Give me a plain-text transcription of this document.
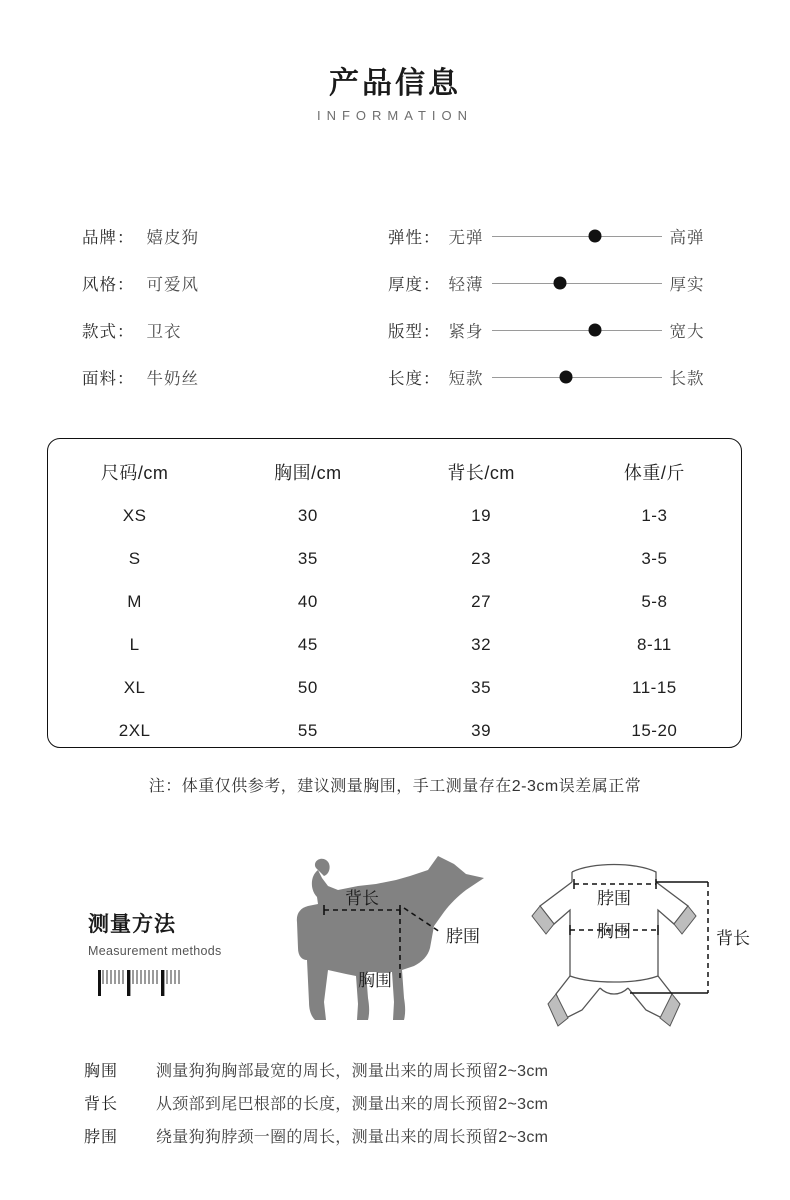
产品信息
INFORMATION
品牌： 嬉皮狗
风格： 可爱风
款式： 卫衣
面料： 牛奶丝
弹性： 无弹	高弹
厚度： 轻薄	厚实
版型： 紧身	宽大
长度： 短款	长款
尺码/cm	胸围/cm	背长/cm	体重/斤
XS	30	19	1-3
S	35	23	3-5
M	40	27	5-8
L	45	32	8-11
XL	50	35	11-15
2XL	55	39	15-20
注：体重仅供参考，建议测量胸围，手工测量存在2-3cm误差属正常
测量方法
Measurement methods
背长
脖围
胸围
脖围
胸围	背长
胸围	测量狗狗胸部最宽的周长，测量出来的周长预留2~3cm
背长	从颈部到尾巴根部的长度，测量出来的周长预留2~3cm
脖围	绕量狗狗脖颈一圈的周长，测量出来的周长预留2~3cm
